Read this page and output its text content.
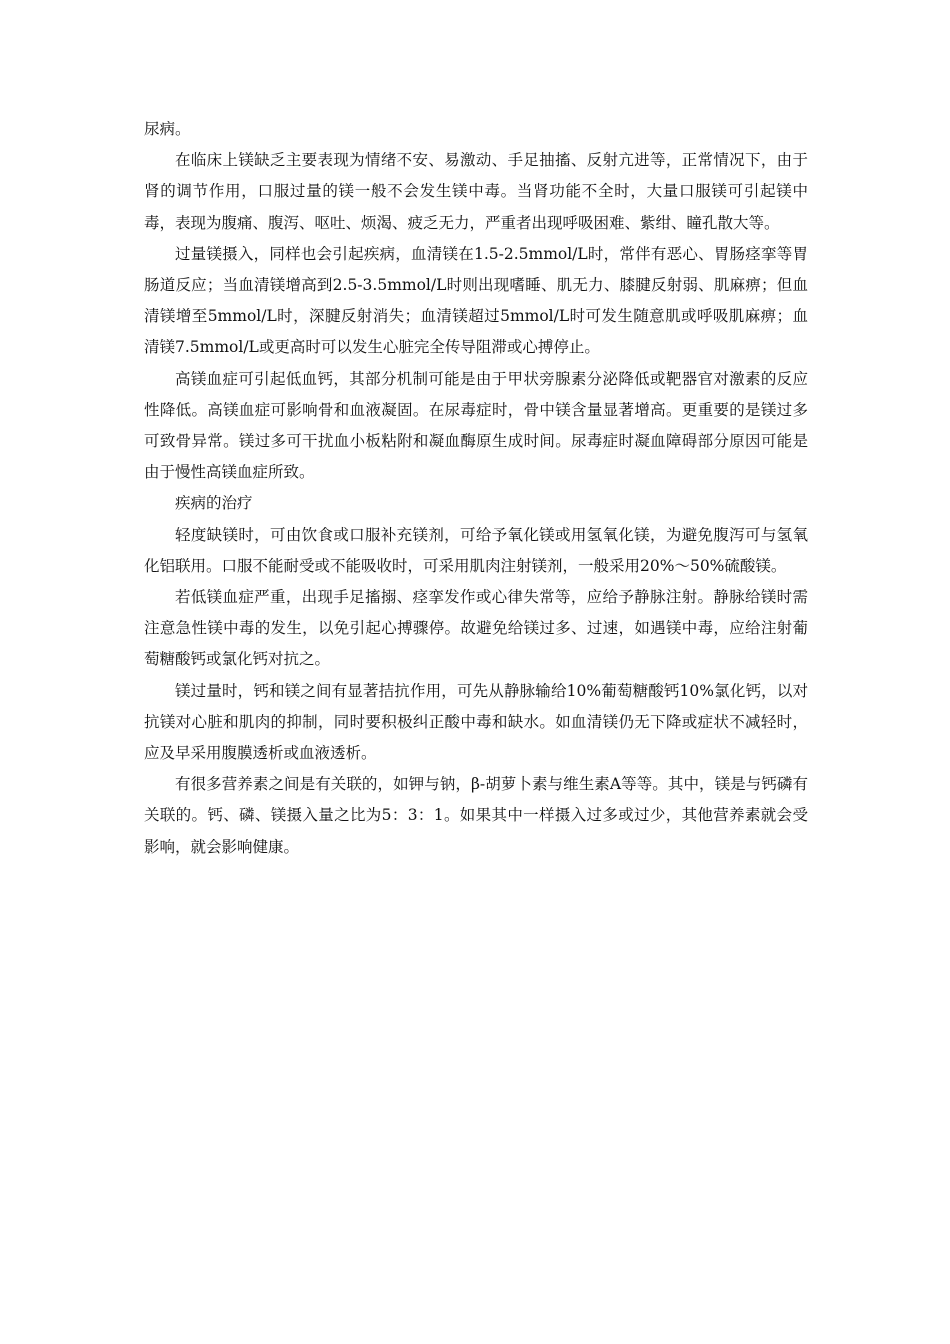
尿病。

在临床上镁缺乏主要表现为情绪不安、易激动、手足抽搐、反射亢进等，正常情况下，由于肾的调节作用，口服过量的镁一般不会发生镁中毒。当肾功能不全时，大量口服镁可引起镁中毒，表现为腹痛、腹泻、呕吐、烦渴、疲乏无力，严重者出现呼吸困难、紫绀、瞳孔散大等。

过量镁摄入，同样也会引起疾病，血清镁在1.5-2.5mmol/L时，常伴有恶心、胃肠痉挛等胃肠道反应；当血清镁增高到2.5-3.5mmol/L时则出现嗜睡、肌无力、膝腱反射弱、肌麻痹；但血清镁增至5mmol/L时，深腱反射消失；血清镁超过5mmol/L时可发生随意肌或呼吸肌麻痹；血清镁7.5mmol/L或更高时可以发生心脏完全传导阻滞或心搏停止。

高镁血症可引起低血钙，其部分机制可能是由于甲状旁腺素分泌降低或靶器官对激素的反应性降低。高镁血症可影响骨和血液凝固。在尿毒症时，骨中镁含量显著增高。更重要的是镁过多可致骨异常。镁过多可干扰血小板粘附和凝血酶原生成时间。尿毒症时凝血障碍部分原因可能是由于慢性高镁血症所致。

疾病的治疗

轻度缺镁时，可由饮食或口服补充镁剂，可给予氧化镁或用氢氧化镁，为避免腹泻可与氢氧化铝联用。口服不能耐受或不能吸收时，可采用肌肉注射镁剂，一般采用20%～50%硫酸镁。

若低镁血症严重，出现手足搐搦、痉挛发作或心律失常等，应给予静脉注射。静脉给镁时需注意急性镁中毒的发生，以免引起心搏骤停。故避免给镁过多、过速，如遇镁中毒，应给注射葡萄糖酸钙或氯化钙对抗之。

镁过量时，钙和镁之间有显著拮抗作用，可先从静脉输给10%葡萄糖酸钙10%氯化钙，以对抗镁对心脏和肌肉的抑制，同时要积极纠正酸中毒和缺水。如血清镁仍无下降或症状不减轻时，应及早采用腹膜透析或血液透析。

有很多营养素之间是有关联的，如钾与钠，β-胡萝卜素与维生素A等等。其中，镁是与钙磷有关联的。钙、磷、镁摄入量之比为5：3：1。如果其中一样摄入过多或过少，其他营养素就会受影响，就会影响健康。
